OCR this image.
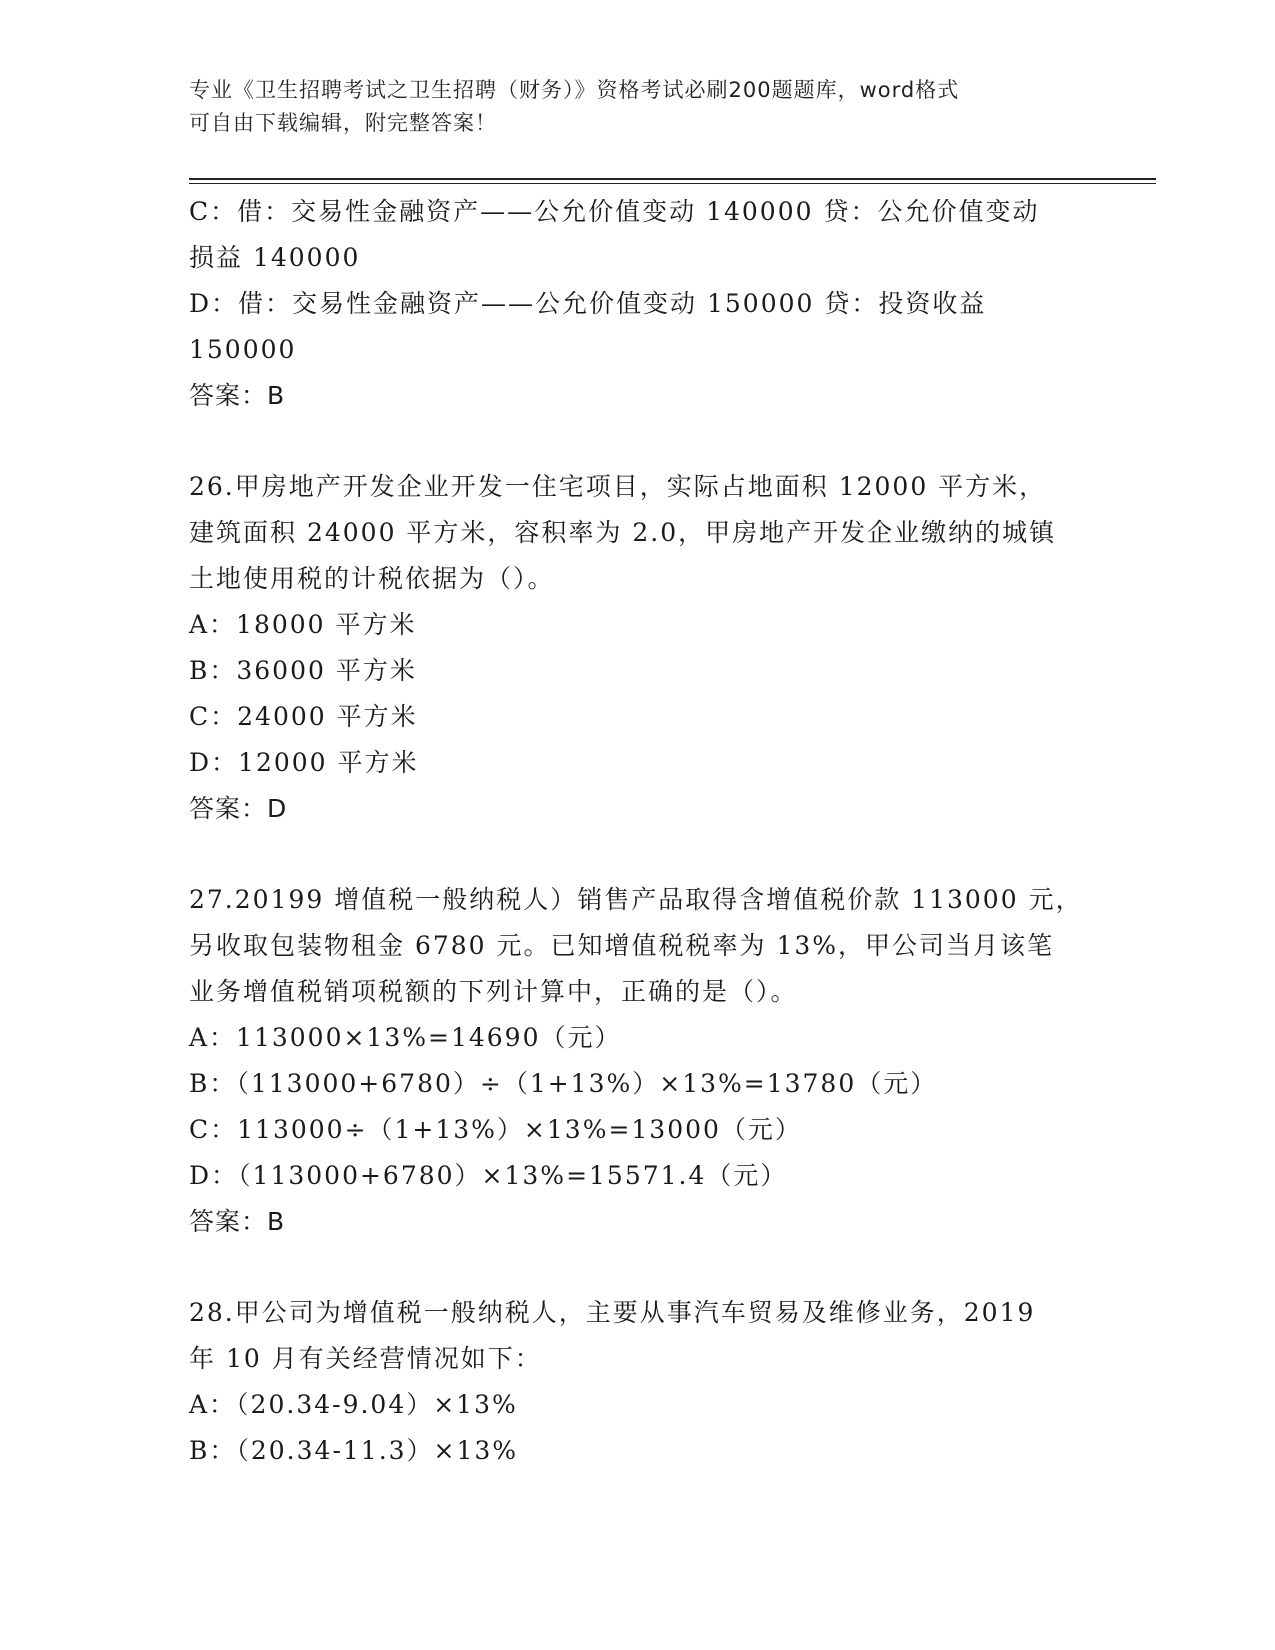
专业《卫生招聘考试之卫生招聘（财务）》资格考试必刷200题题库，word格式
可自由下载编辑，附完整答案！
C：借：交易性金融资产——公允价值变动 140000 贷：公允价值变动
损益 140000
D：借：交易性金融资产——公允价值变动 150000 贷：投资收益
150000
答案：B
26.甲房地产开发企业开发一住宅项目，实际占地面积 12000 平方米，
建筑面积 24000 平方米，容积率为 2.0，甲房地产开发企业缴纳的城镇
土地使用税的计税依据为（）。
A：18000 平方米
B：36000 平方米
C：24000 平方米
D：12000 平方米
答案：D
27.20199 增值税一般纳税人）销售产品取得含增值税价款 113000 元，
另收取包装物租金 6780 元。已知增值税税率为 13%，甲公司当月该笔
业务增值税销项税额的下列计算中，正确的是（）。
A：113000×13%=14690（元）
B：（113000+6780）÷（1+13%）×13%=13780（元）
C：113000÷（1+13%）×13%=13000（元）
D：（113000+6780）×13%=15571.4（元）
答案：B
28.甲公司为增值税一般纳税人，主要从事汽车贸易及维修业务，2019
年 10 月有关经营情况如下：
A：（20.34-9.04）×13%
B：（20.34-11.3）×13%
